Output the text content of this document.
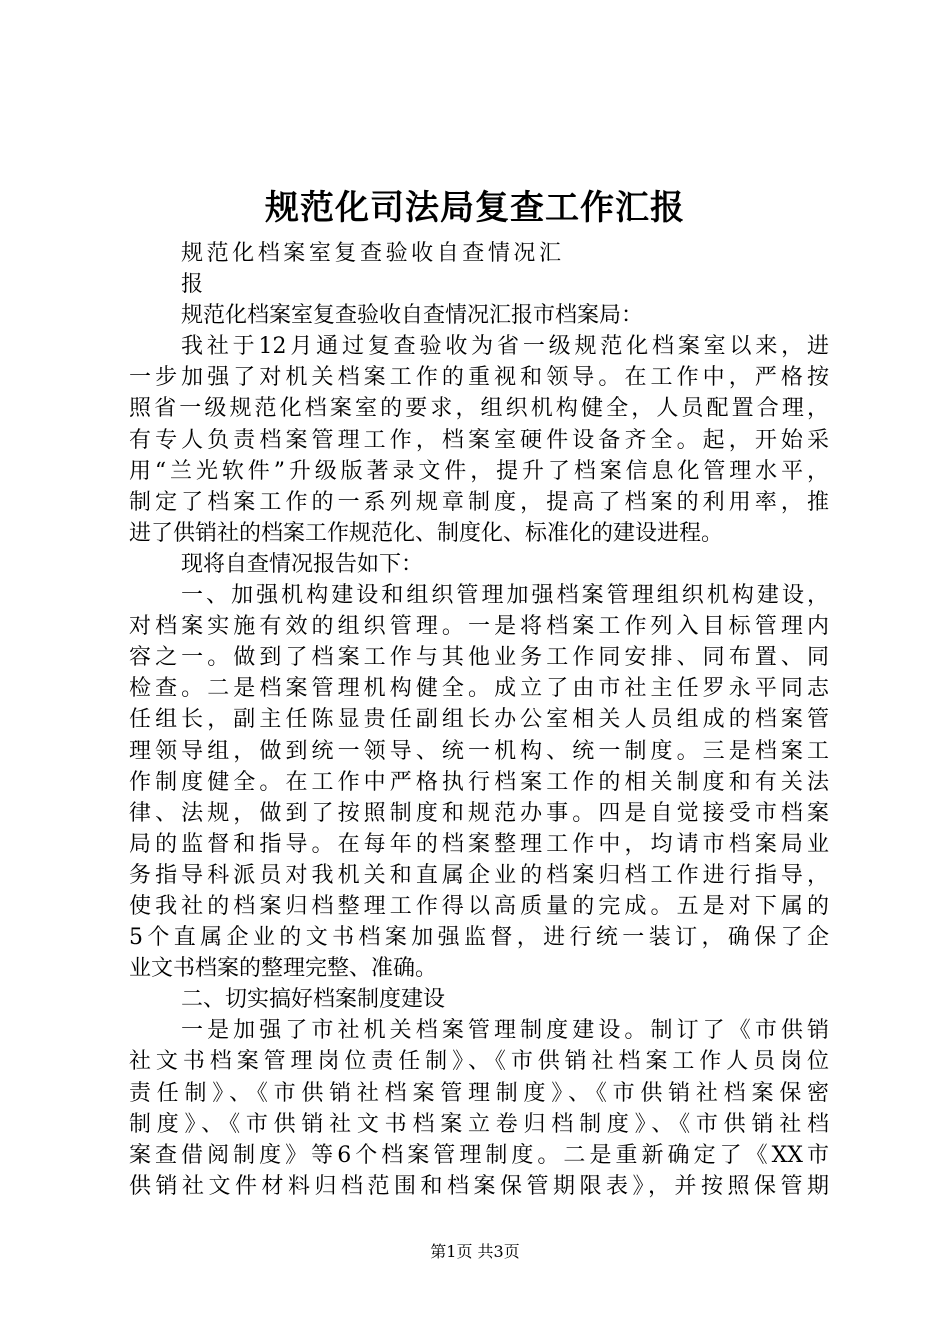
规范化司法局复查工作汇报
规范化档案室复查验收自查情况汇
报
规范化档案室复查验收自查情况汇报市档案局：
我社于12月通过复查验收为省一级规范化档案室以来，进
一步加强了对机关档案工作的重视和领导。在工作中，严格按
照省一级规范化档案室的要求，组织机构健全，人员配置合理，
有专人负责档案管理工作，档案室硬件设备齐全。起，开始采
用“兰光软件”升级版著录文件，提升了档案信息化管理水平，
制定了档案工作的一系列规章制度，提高了档案的利用率，推
进了供销社的档案工作规范化、制度化、标准化的建设进程。
现将自查情况报告如下：
一、加强机构建设和组织管理加强档案管理组织机构建设，
对档案实施有效的组织管理。一是将档案工作列入目标管理内
容之一。做到了档案工作与其他业务工作同安排、同布置、同
检查。二是档案管理机构健全。成立了由市社主任罗永平同志
任组长，副主任陈显贵任副组长办公室相关人员组成的档案管
理领导组，做到统一领导、统一机构、统一制度。三是档案工
作制度健全。在工作中严格执行档案工作的相关制度和有关法
律、法规，做到了按照制度和规范办事。四是自觉接受市档案
局的监督和指导。在每年的档案整理工作中，均请市档案局业
务指导科派员对我机关和直属企业的档案归档工作进行指导，
使我社的档案归档整理工作得以高质量的完成。五是对下属的
5个直属企业的文书档案加强监督，进行统一装订，确保了企
业文书档案的整理完整、准确。
二、切实搞好档案制度建设
一是加强了市社机关档案管理制度建设。制订了《市供销
社文书档案管理岗位责任制》、《市供销社档案工作人员岗位
责任制》、《市供销社档案管理制度》、《市供销社档案保密
制度》、《市供销社文书档案立卷归档制度》、《市供销社档
案查借阅制度》等6个档案管理制度。二是重新确定了《XX市
供销社文件材料归档范围和档案保管期限表》，并按照保管期
第1页 共3页
